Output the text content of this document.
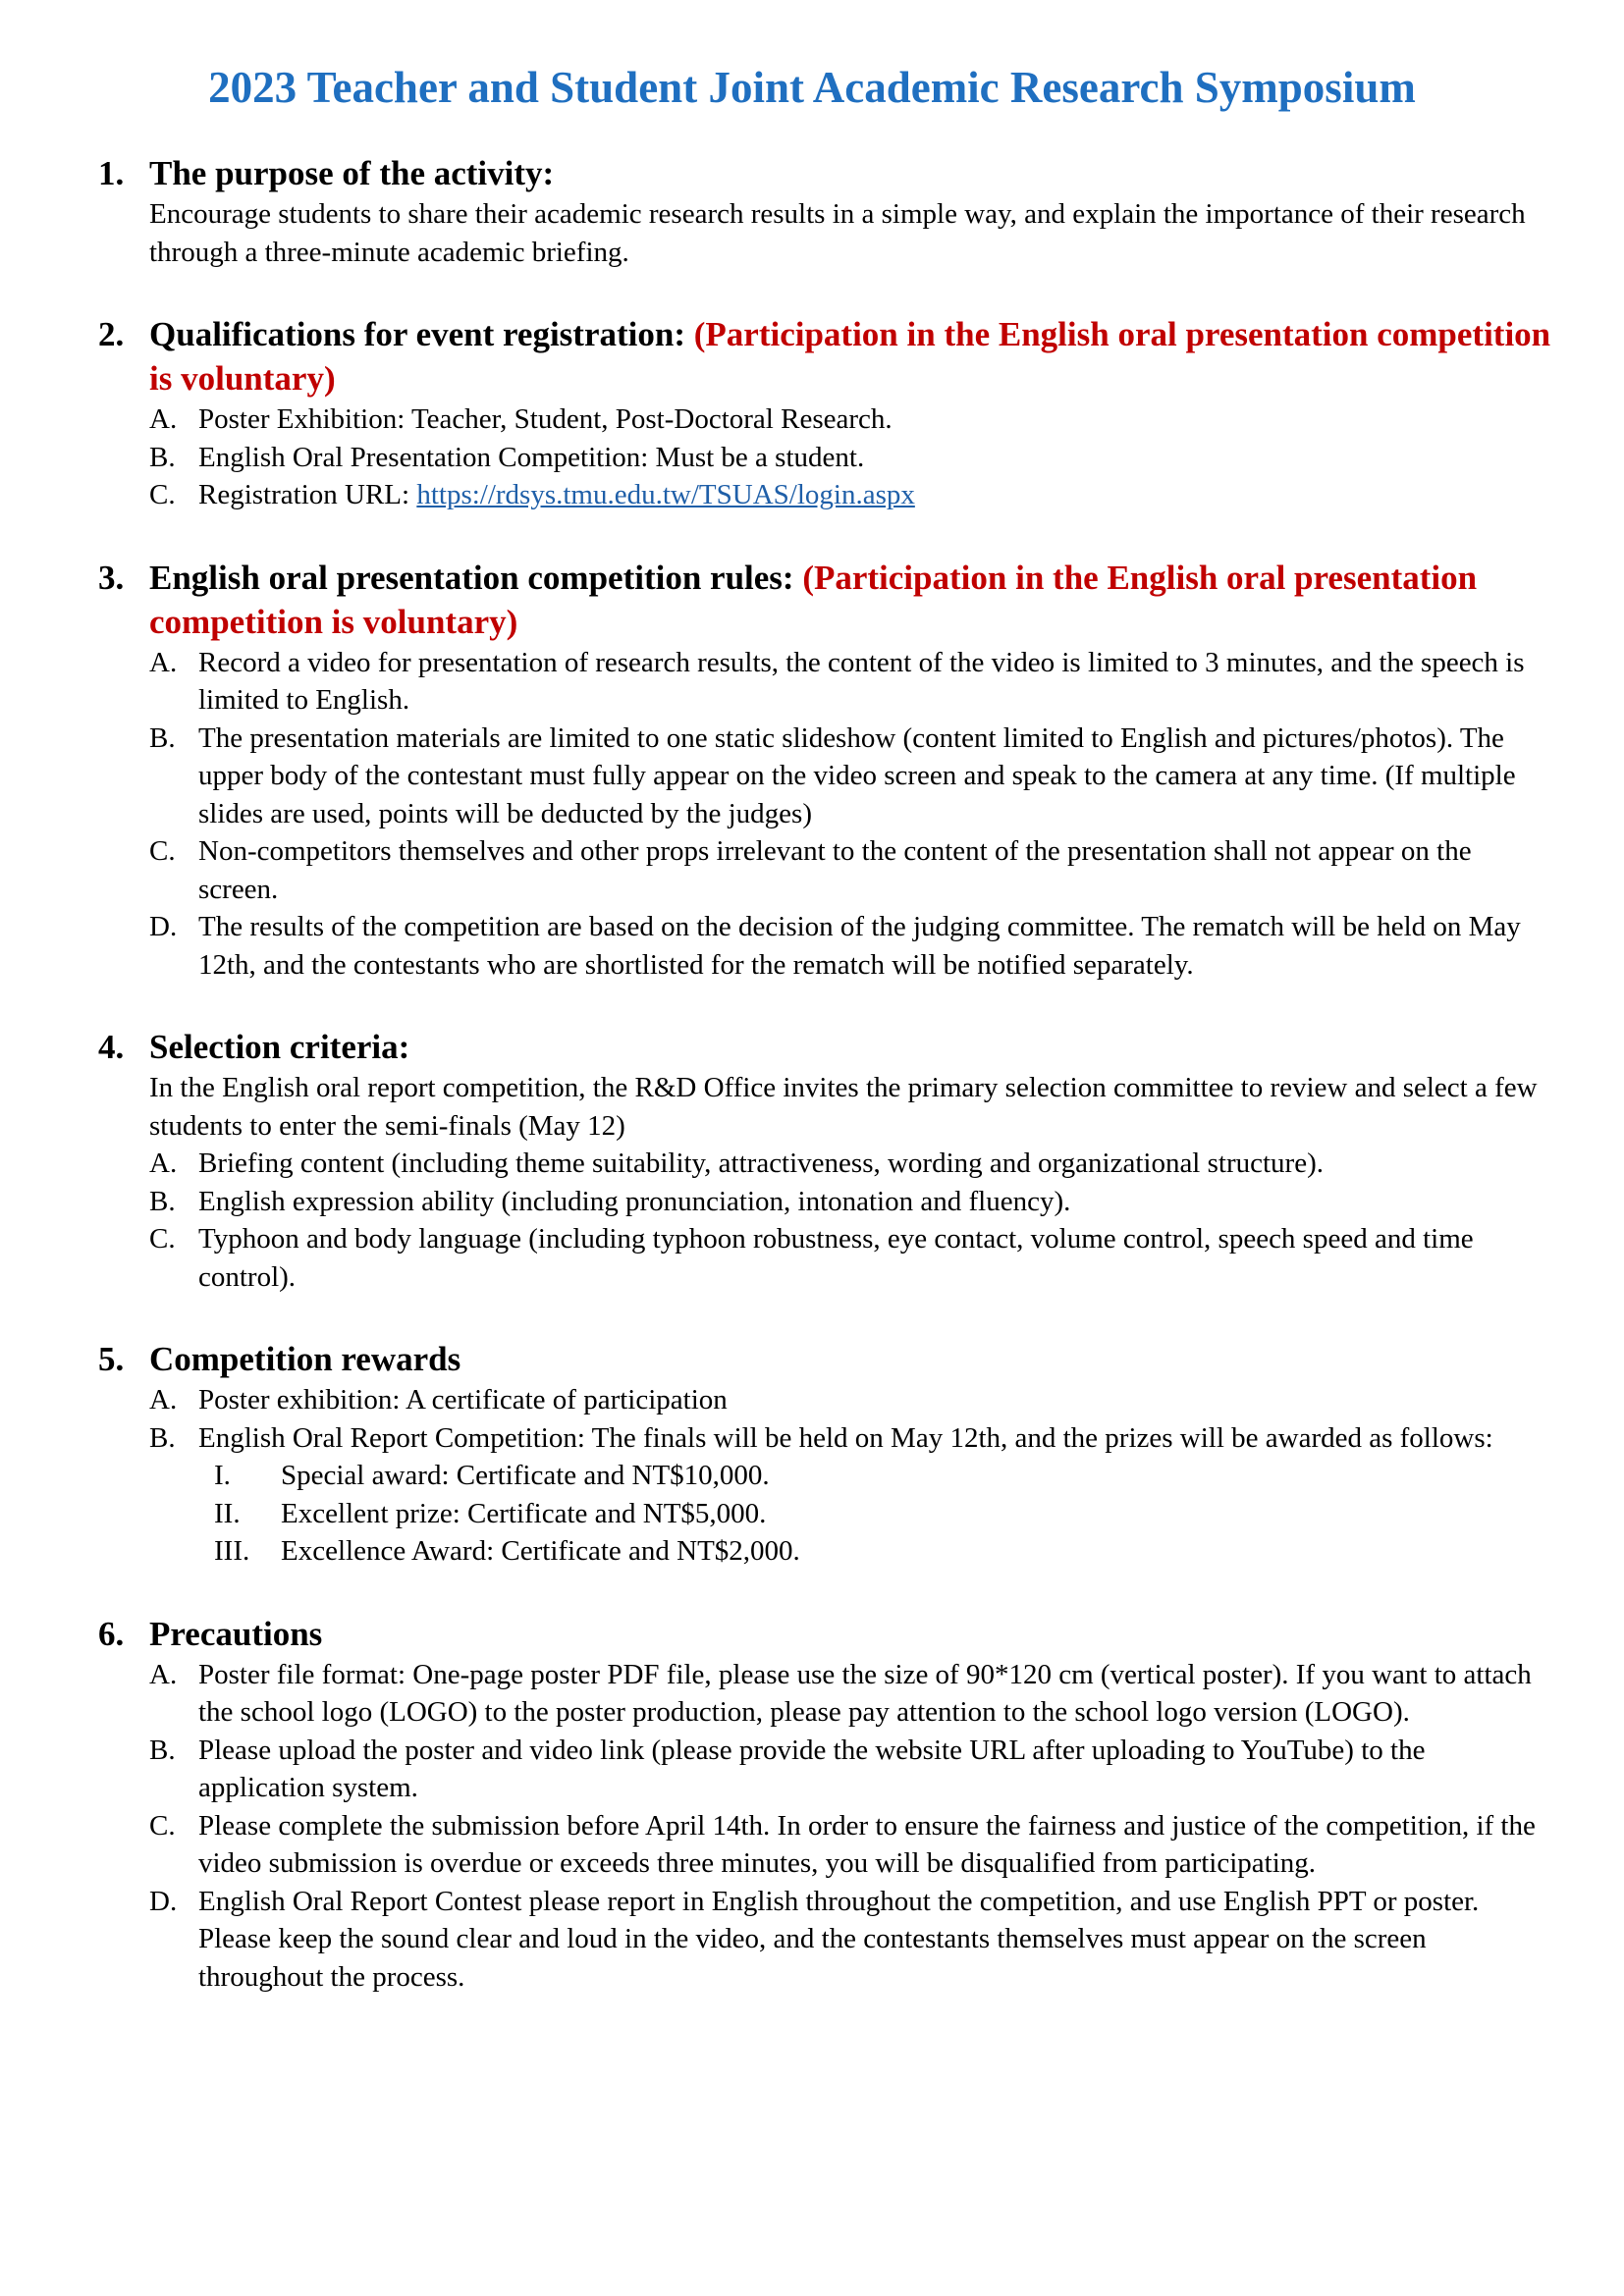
2023 Teacher and Student Joint Academic Research Symposium
1. The purpose of the activity:

Encourage students to share their academic research results in a simple way, and explain the importance of their research through a three-minute academic briefing.

2. Qualifications for event registration: (Participation in the English oral presentation competition is voluntary)
A. Poster Exhibition: Teacher, Student, Post-Doctoral Research.
B. English Oral Presentation Competition: Must be a student.
C. Registration URL: https://rdsys.tmu.edu.tw/TSUAS/login.aspx
3. English oral presentation competition rules: (Participation in the English oral presentation competition is voluntary)
A. Record a video for presentation of research results, the content of the video is limited to 3 minutes, and the speech is limited to English.
B. The presentation materials are limited to one static slideshow (content limited to English and pictures/photos). The upper body of the contestant must fully appear on the video screen and speak to the camera at any time. (If multiple slides are used, points will be deducted by the judges)
C. Non-competitors themselves and other props irrelevant to the content of the presentation shall not appear on the screen.
D. The results of the competition are based on the decision of the judging committee. The rematch will be held on May 12th, and the contestants who are shortlisted for the rematch will be notified separately.
4. Selection criteria:

In the English oral report competition, the R&D Office invites the primary selection committee to review and select a few students to enter the semi-finals (May 12)

A. Briefing content (including theme suitability, attractiveness, wording and organizational structure).
B. English expression ability (including pronunciation, intonation and fluency).
C. Typhoon and body language (including typhoon robustness, eye contact, volume control, speech speed and time control).
5. Competition rewards
A. Poster exhibition: A certificate of participation
B. English Oral Report Competition: The finals will be held on May 12th, and the prizes will be awarded as follows:
I.	Special award: Certificate and NT$10,000.
II.	Excellent prize: Certificate and NT$5,000.
III.	Excellence Award: Certificate and NT$2,000.
6. Precautions
A. Poster file format: One-page poster PDF file, please use the size of 90*120 cm (vertical poster). If you want to attach the school logo (LOGO) to the poster production, please pay attention to the school logo version (LOGO).
B. Please upload the poster and video link (please provide the website URL after uploading to YouTube) to the application system.
C. Please complete the submission before April 14th. In order to ensure the fairness and justice of the competition, if the video submission is overdue or exceeds three minutes, you will be disqualified from participating.
D. English Oral Report Contest please report in English throughout the competition, and use English PPT or poster. Please keep the sound clear and loud in the video, and the contestants themselves must appear on the screen throughout the process.
